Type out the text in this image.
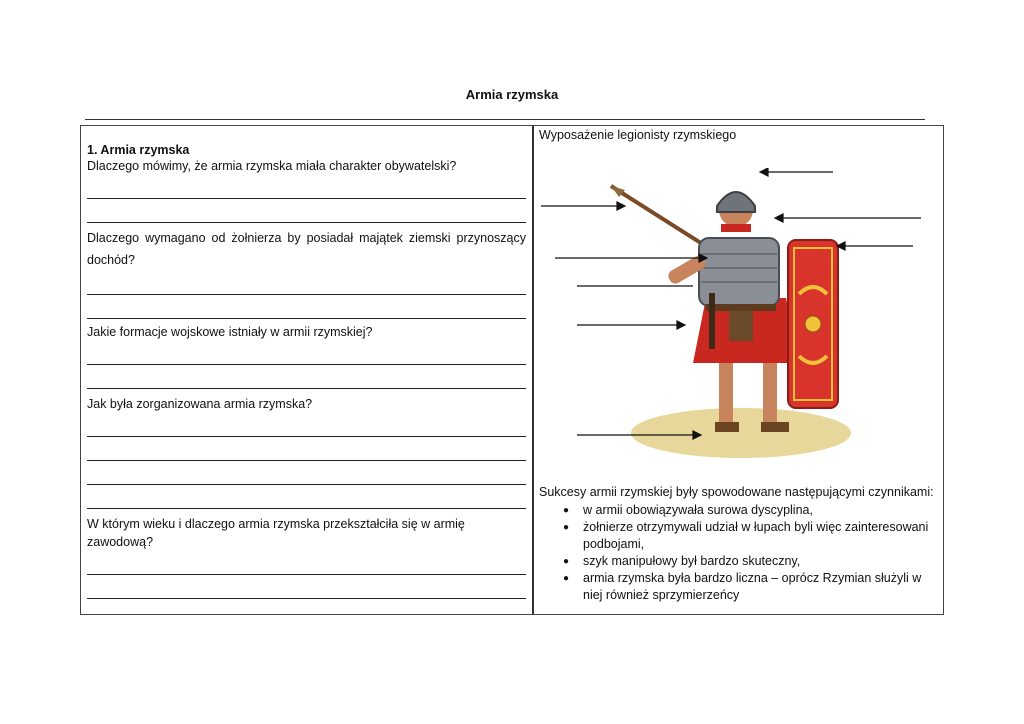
Armia rzymska
1. Armia rzymska
Dlaczego mówimy, że armia rzymska miała charakter obywatelski?
Dlaczego wymagano od żołnierza by posiadał majątek ziemski przynoszący
dochód?
Jakie formacje wojskowe istniały w armii rzymskiej?
Jak była zorganizowana armia rzymska?
W którym wieku i dlaczego armia rzymska przekształciła się w armię zawodową?
Wyposażenie legionisty rzymskiego
Sukcesy armii rzymskiej były spowodowane następującymi czynnikami:
● w armii obowiązywała surowa dyscyplina,
● żołnierze otrzymywali udział w łupach byli więc zainteresowani podbojami,
● szyk manipułowy był bardzo skuteczny,
● armia rzymska była bardzo liczna – oprócz Rzymian służyli w niej również sprzymierzeńcy
